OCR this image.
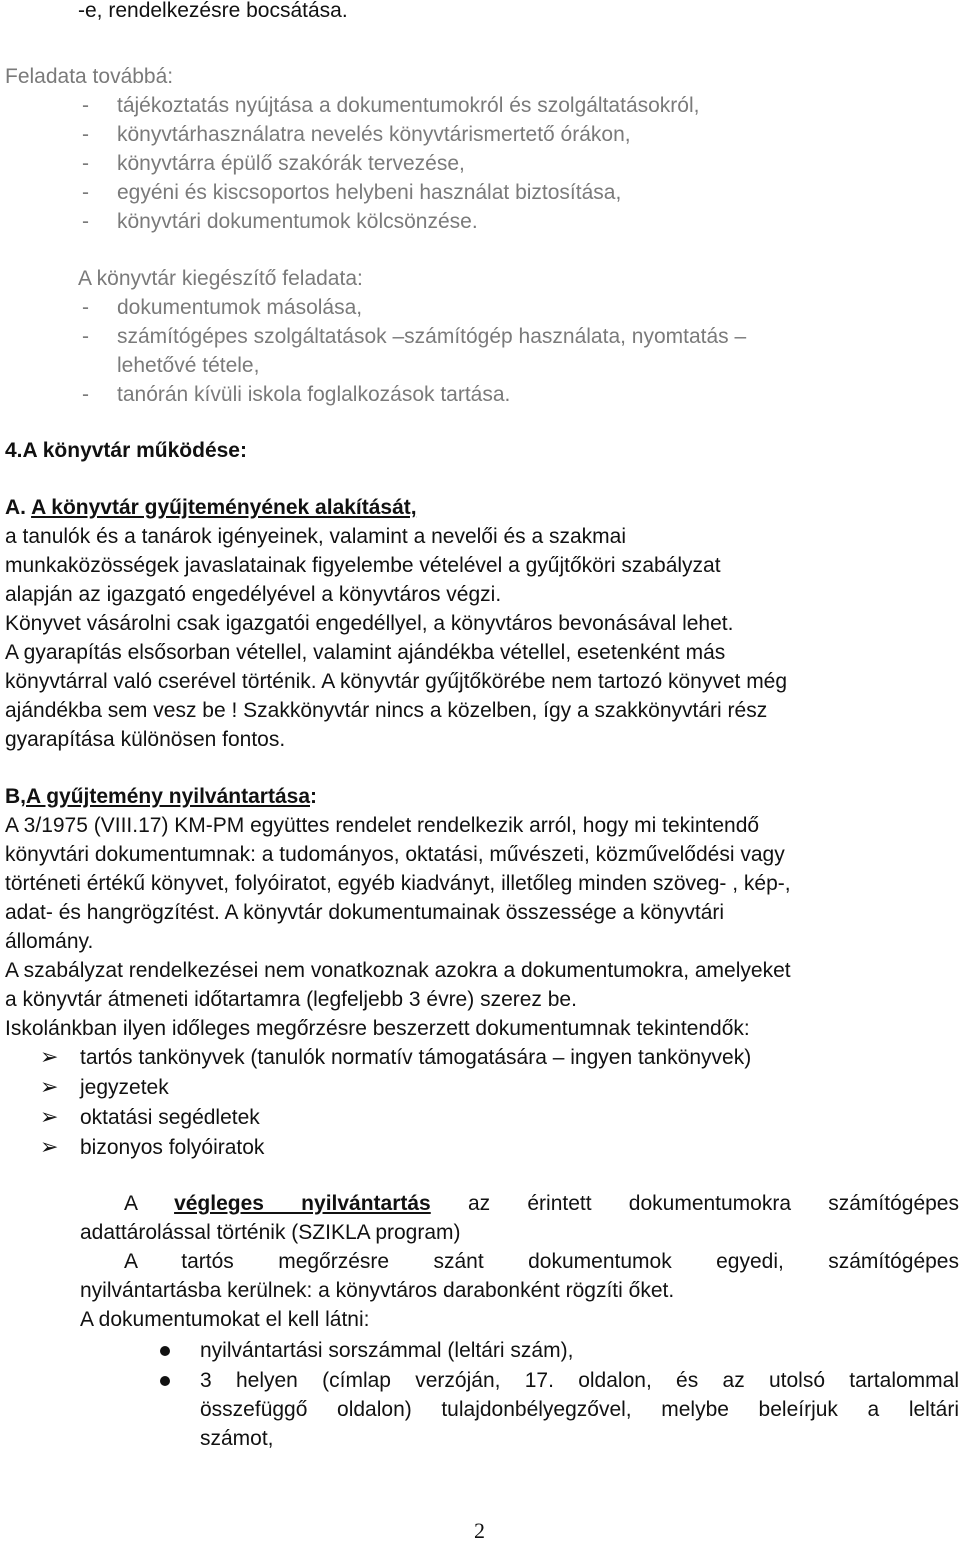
-e, rendelkezésre bocsátása.
Feladata továbbá:
- tájékoztatás nyújtása a dokumentumokról és szolgáltatásokról,
- könyvtárhasználatra nevelés könyvtárismertető órákon,
- könyvtárra épülő szakórák tervezése,
- egyéni és kiscsoportos helybeni használat biztosítása,
- könyvtári dokumentumok kölcsönzése.
A könyvtár kiegészítő feladata:
- dokumentumok másolása,
- számítógépes szolgáltatások –számítógép használata, nyomtatás –
lehetővé tétele,
- tanórán kívüli iskola foglalkozások tartása.
4.A könyvtár működése:
A. A könyvtár gyűjteményének alakítását,
a tanulók és a tanárok igényeinek, valamint a nevelői és a szakmai
munkaközösségek javaslatainak figyelembe vételével a gyűjtőköri szabályzat
alapján az igazgató engedélyével a könyvtáros végzi.
Könyvet vásárolni csak igazgatói engedéllyel, a könyvtáros bevonásával lehet.
A gyarapítás elsősorban vétellel, valamint ajándékba vétellel, esetenként más
könyvtárral való cserével történik. A könyvtár gyűjtőkörébe nem tartozó könyvet még
ajándékba sem vesz be ! Szakkönyvtár nincs a közelben, így a szakkönyvtári rész
gyarapítása különösen fontos.
B,A gyűjtemény nyilvántartása:
A 3/1975 (VIII.17) KM-PM együttes rendelet rendelkezik arról, hogy mi tekintendő
könyvtári dokumentumnak: a tudományos, oktatási, művészeti, közművelődési vagy
történeti értékű könyvet, folyóiratot, egyéb kiadványt, illetőleg minden szöveg- , kép-,
adat- és hangrögzítést. A könyvtár dokumentumainak összessége a könyvtári
állomány.
A szabályzat rendelkezései nem vonatkoznak azokra a dokumentumokra, amelyeket
a könyvtár átmeneti időtartamra (legfeljebb 3 évre) szerez be.
Iskolánkban ilyen időleges megőrzésre beszerzett dokumentumnak tekintendők:
➢ tartós tankönyvek (tanulók normatív támogatására – ingyen tankönyvek)
➢ jegyzetek
➢ oktatási segédletek
➢ bizonyos folyóiratok
A végleges nyilvántartás az érintett dokumentumokra számítógépes
adattárolással történik (SZIKLA program)
A tartós megőrzésre szánt dokumentumok egyedi, számítógépes
nyilvántartásba kerülnek: a könyvtáros darabonként rögzíti őket.
A dokumentumokat el kell látni:
nyilvántartási sorszámmal (leltári szám),
3 helyen (címlap verzóján, 17. oldalon, és az utolsó tartalommal
összefüggő oldalon) tulajdonbélyegzővel, melybe beleírjuk a leltári
számot,
2
